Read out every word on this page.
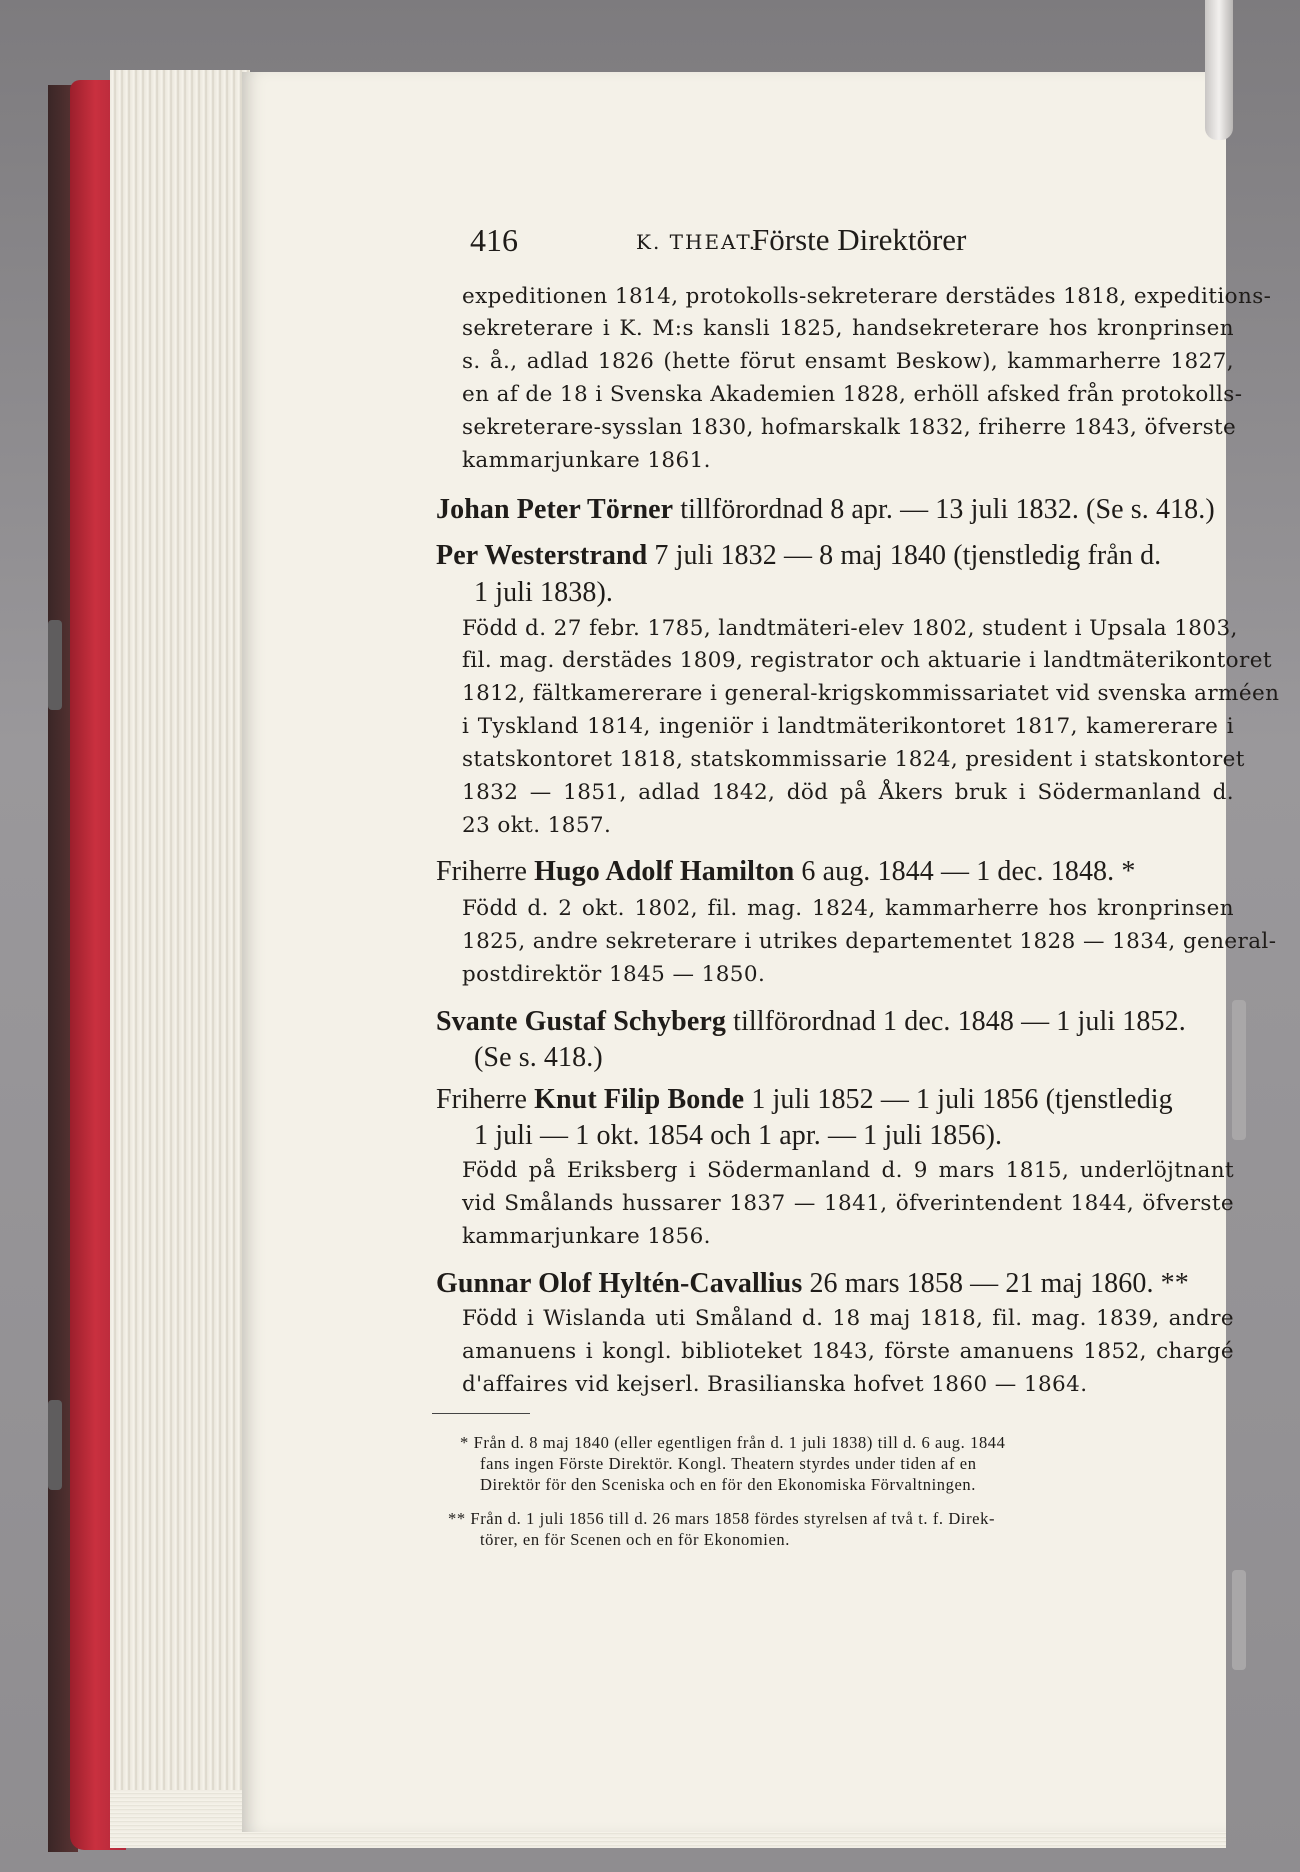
416	K. THEAT.
Förste Direktörer
expeditionen 1814, protokolls-sekreterare derstädes 1818, expeditions-
sekreterare i K. M:s kansli 1825, handsekreterare hos kronprinsen
s. å., adlad 1826 (hette förut ensamt Beskow), kammarherre 1827,
en af de 18 i Svenska Akademien 1828, erhöll afsked från protokolls-
sekreterare-sysslan 1830, hofmarskalk 1832, friherre 1843, öfverste
kammarjunkare 1861.
Johan Peter Törner tillförordnad 8 apr. — 13 juli 1832. (Se s. 418.)
Per Westerstrand 7 juli 1832 — 8 maj 1840 (tjenstledig från d.
1 juli 1838).
Född d. 27 febr. 1785, landtmäteri-elev 1802, student i Upsala 1803,
fil. mag. derstädes 1809, registrator och aktuarie i landtmäterikontoret
1812, fältkamererare i general-krigskommissariatet vid svenska arméen
i Tyskland 1814, ingeniör i landtmäterikontoret 1817, kamererare i
statskontoret 1818, statskommissarie 1824, president i statskontoret
1832 — 1851, adlad 1842, död på Åkers bruk i Södermanland d.
23 okt. 1857.
Friherre Hugo Adolf Hamilton 6 aug. 1844 — 1 dec. 1848. *
Född d. 2 okt. 1802, fil. mag. 1824, kammarherre hos kronprinsen
1825, andre sekreterare i utrikes departementet 1828 — 1834, general-
postdirektör 1845 — 1850.
Svante Gustaf Schyberg tillförordnad 1 dec. 1848 — 1 juli 1852.
(Se s. 418.)
Friherre Knut Filip Bonde 1 juli 1852 — 1 juli 1856 (tjenstledig
1 juli — 1 okt. 1854 och 1 apr. — 1 juli 1856).
Född på Eriksberg i Södermanland d. 9 mars 1815, underlöjtnant
vid Smålands hussarer 1837 — 1841, öfverintendent 1844, öfverste
kammarjunkare 1856.
Gunnar Olof Hyltén-Cavallius 26 mars 1858 — 21 maj 1860. **
Född i Wislanda uti Småland d. 18 maj 1818, fil. mag. 1839, andre
amanuens i kongl. biblioteket 1843, förste amanuens 1852, chargé
d'affaires vid kejserl. Brasilianska hofvet 1860 — 1864.
* Från d. 8 maj 1840 (eller egentligen från d. 1 juli 1838) till d. 6 aug. 1844
fans ingen Förste Direktör. Kongl. Theatern styrdes under tiden af en
Direktör för den Sceniska och en för den Ekonomiska Förvaltningen.
** Från d. 1 juli 1856 till d. 26 mars 1858 fördes styrelsen af två t. f. Direk-
törer, en för Scenen och en för Ekonomien.
